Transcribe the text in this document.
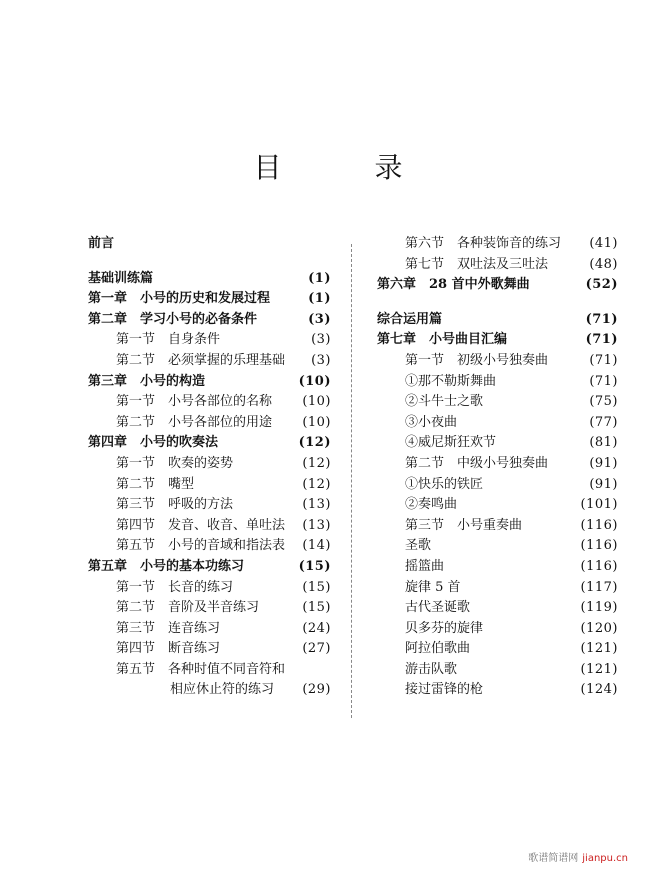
目 录
前言
基础训练篇	(1)
第一章　小号的历史和发展过程	(1)
第二章　学习小号的必备条件	(3)
第一节　自身条件	(3)
第二节　必须掌握的乐理基础 (3)
第三章　小号的构造	(10)
第一节　小号各部位的名称 (10)
第二节　小号各部位的用途 (10)
第四章　小号的吹奏法	(12)
第一节　吹奏的姿势	(12)
第二节　嘴型	(12)
第三节　呼吸的方法	(13)
第四节　发音、收音、单吐法 (13)
第五节　小号的音域和指法表 (14)
第五章　小号的基本功练习	(15)
第一节　长音的练习	(15)
第二节　音阶及半音练习	(15)
第三节　连音练习	(24)
第四节　断音练习	(27)
第五节　各种时值不同音符和
相应休止符的练习 (29)
第六节　各种装饰音的练习 (41)
第七节　双吐法及三吐法	(48)
第六章　28 首中外歌舞曲	(52)
综合运用篇	(71)
第七章　小号曲目汇编	(71)
第一节　初级小号独奏曲	(71)
①那不勒斯舞曲	(71)
②斗牛士之歌	(75)
③小夜曲	(77)
④威尼斯狂欢节	(81)
第二节　中级小号独奏曲	(91)
①快乐的铁匠	(91)
②奏鸣曲	(101)
第三节　小号重奏曲	(116)
圣歌	(116)
摇篮曲	(116)
旋律 5 首	(117)
古代圣诞歌	(119)
贝多芬的旋律	(120)
阿拉伯歌曲	(121)
游击队歌	(121)
接过雷锋的枪	(124)
歌谱简谱网 jianpu.cn
